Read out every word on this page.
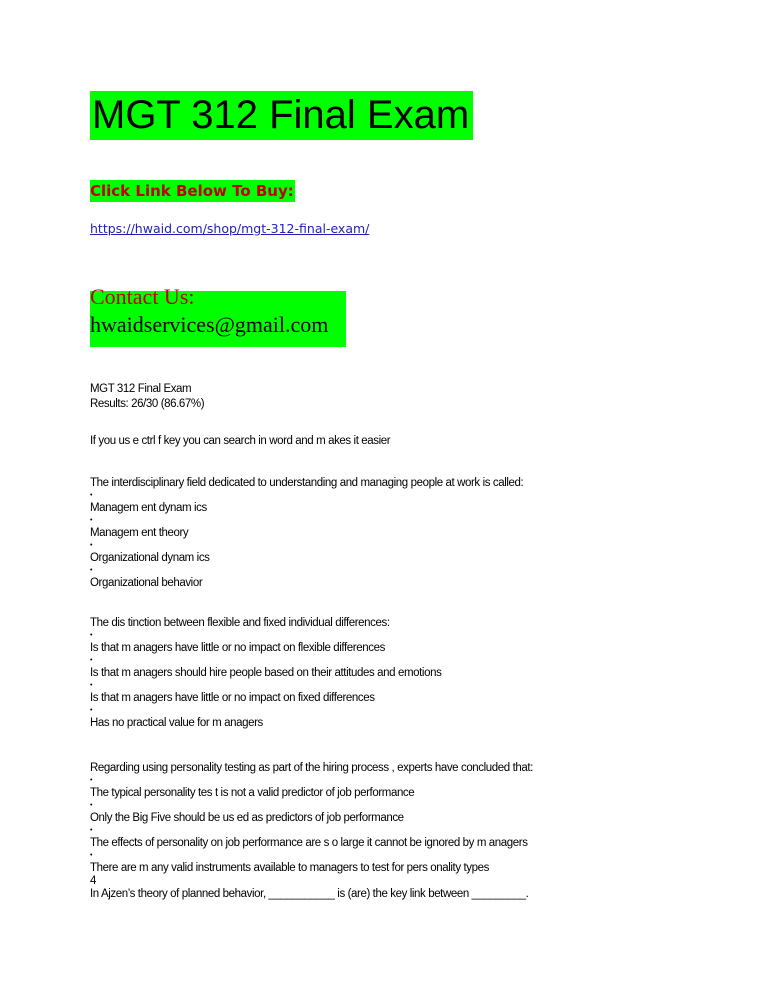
MGT 312 Final Exam
Click Link Below To Buy:
https://hwaid.com/shop/mgt-312-final-exam/
Contact Us:
hwaidservices@gmail.com
MGT 312 Final Exam
Results: 26/30 (86.67%)
If you us e ctrl f key you can search in word and m akes it easier
The interdisciplinary field dedicated to understanding and managing people at work is called:
•
Managem ent dynam ics
•
Managem ent theory
•
Organizational dynam ics
•
Organizational behavior
The dis tinction between flexible and fixed individual differences:
•
Is that m anagers have little or no impact on flexible differences
•
Is that m anagers should hire people based on their attitudes and emotions
•
Is that m anagers have little or no impact on fixed differences
•
Has no practical value for m anagers
Regarding using personality testing as part of the hiring process , experts have concluded that:
•
The typical personality tes t is not a valid predictor of job performance
•
Only the Big Five should be us ed as predictors of job performance
•
The effects of personality on job performance are s o large it cannot be ignored by m anagers
•
There are m any valid instruments available to managers to test for pers onality types
4
In Ajzen’s theory of planned behavior, ___________ is (are) the key link between _________.
